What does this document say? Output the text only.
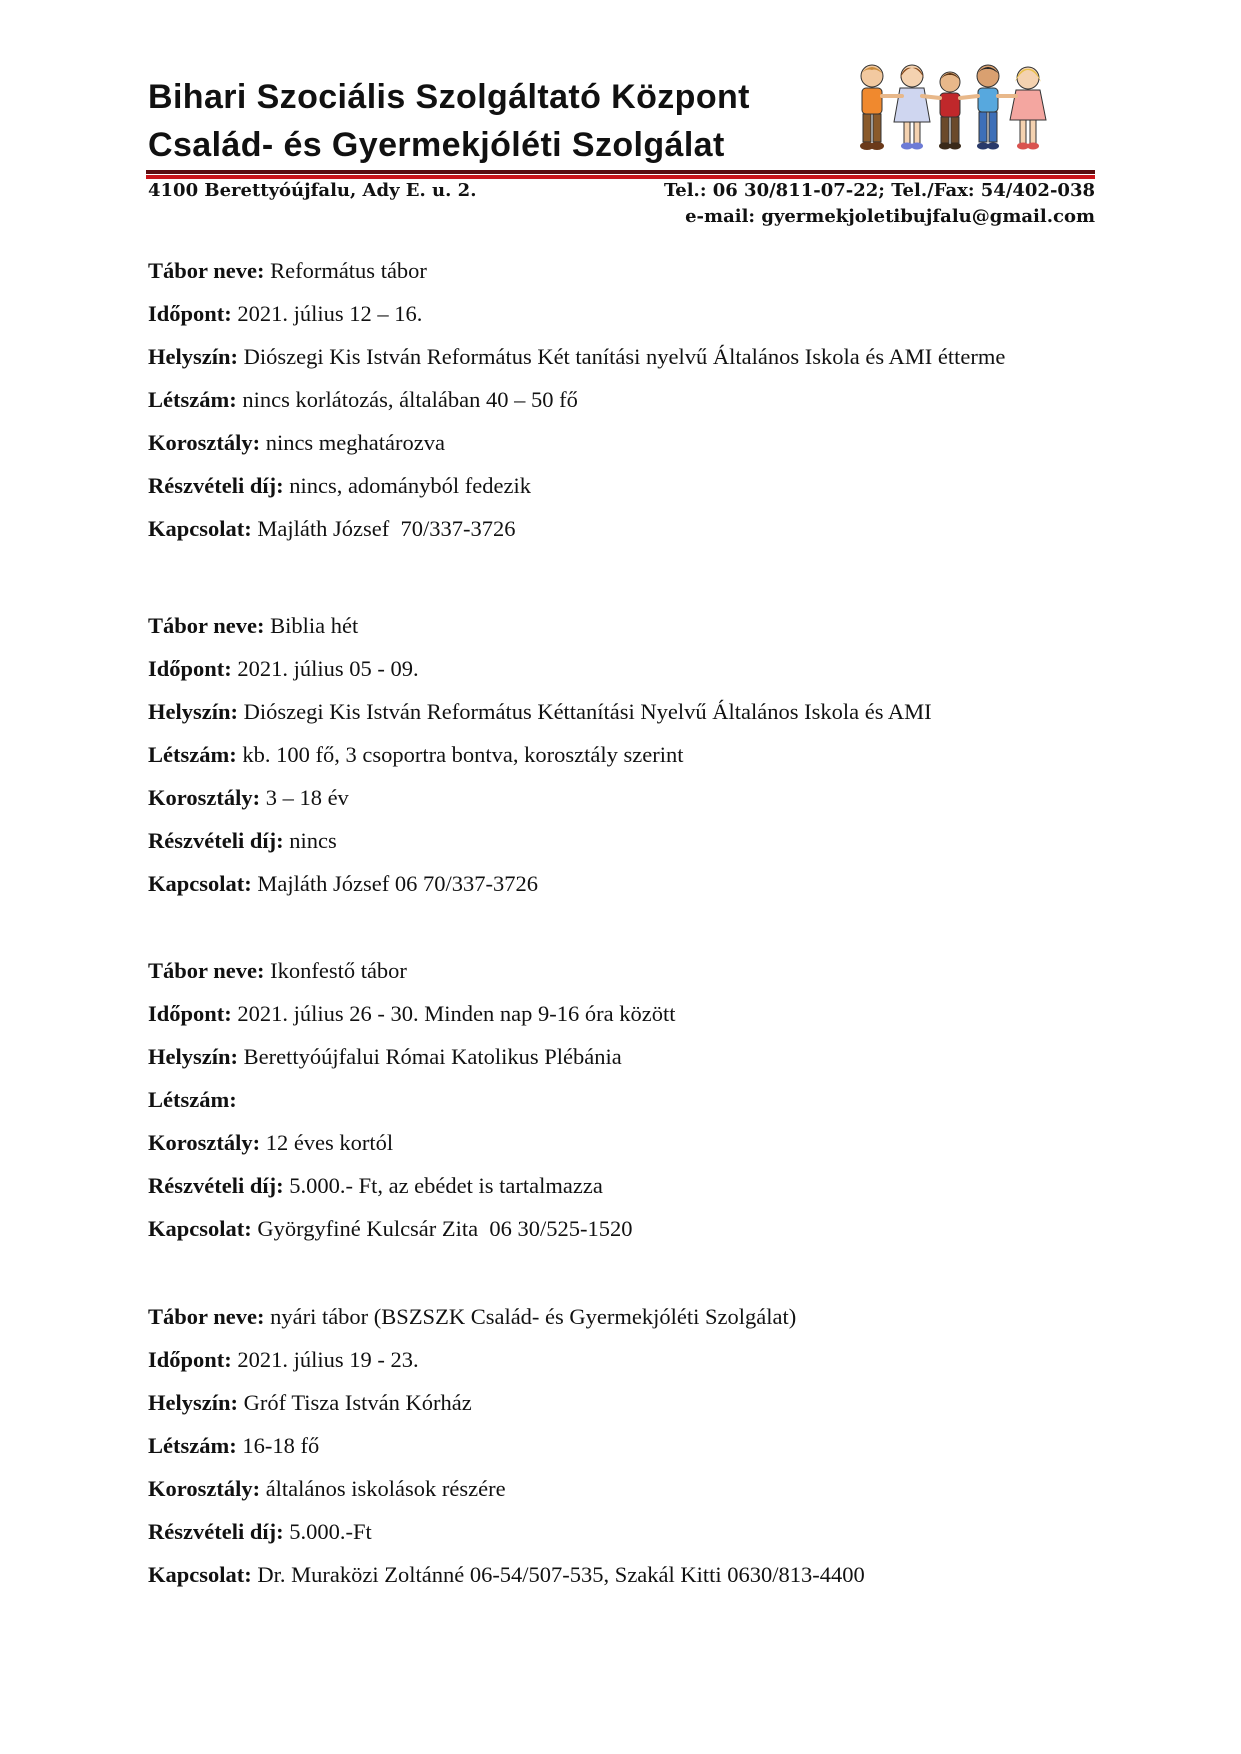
Bihari Szociális Szolgáltató Központ
Család- és Gyermekjóléti Szolgálat
4100 Berettyóújfalu, Ady E. u. 2.	Tel.: 06 30/811-07-22; Tel./Fax: 54/402-038
e-mail: gyermekjoletibujfalu@gmail.com
Tábor neve: Református tábor
Időpont: 2021. július 12 – 16.
Helyszín: Diószegi Kis István Református Két tanítási nyelvű Általános Iskola és AMI étterme
Létszám: nincs korlátozás, általában 40 – 50 fő
Korosztály: nincs meghatározva
Részvételi díj: nincs, adományból fedezik
Kapcsolat: Majláth József  70/337-3726
Tábor neve: Biblia hét
Időpont: 2021. július 05 - 09.
Helyszín: Diószegi Kis István Református Kéttanítási Nyelvű Általános Iskola és AMI
Létszám: kb. 100 fő, 3 csoportra bontva, korosztály szerint
Korosztály: 3 – 18 év
Részvételi díj: nincs
Kapcsolat: Majláth József 06 70/337-3726
Tábor neve: Ikonfestő tábor
Időpont: 2021. július 26 - 30. Minden nap 9-16 óra között
Helyszín: Berettyóújfalui Római Katolikus Plébánia
Létszám:
Korosztály: 12 éves kortól
Részvételi díj: 5.000.- Ft, az ebédet is tartalmazza
Kapcsolat: Györgyfiné Kulcsár Zita  06 30/525-1520
Tábor neve: nyári tábor (BSZSZK Család- és Gyermekjóléti Szolgálat)
Időpont: 2021. július 19 - 23.
Helyszín: Gróf Tisza István Kórház
Létszám: 16-18 fő
Korosztály: általános iskolások részére
Részvételi díj: 5.000.-Ft
Kapcsolat: Dr. Muraközi Zoltánné 06-54/507-535, Szakál Kitti 0630/813-4400
